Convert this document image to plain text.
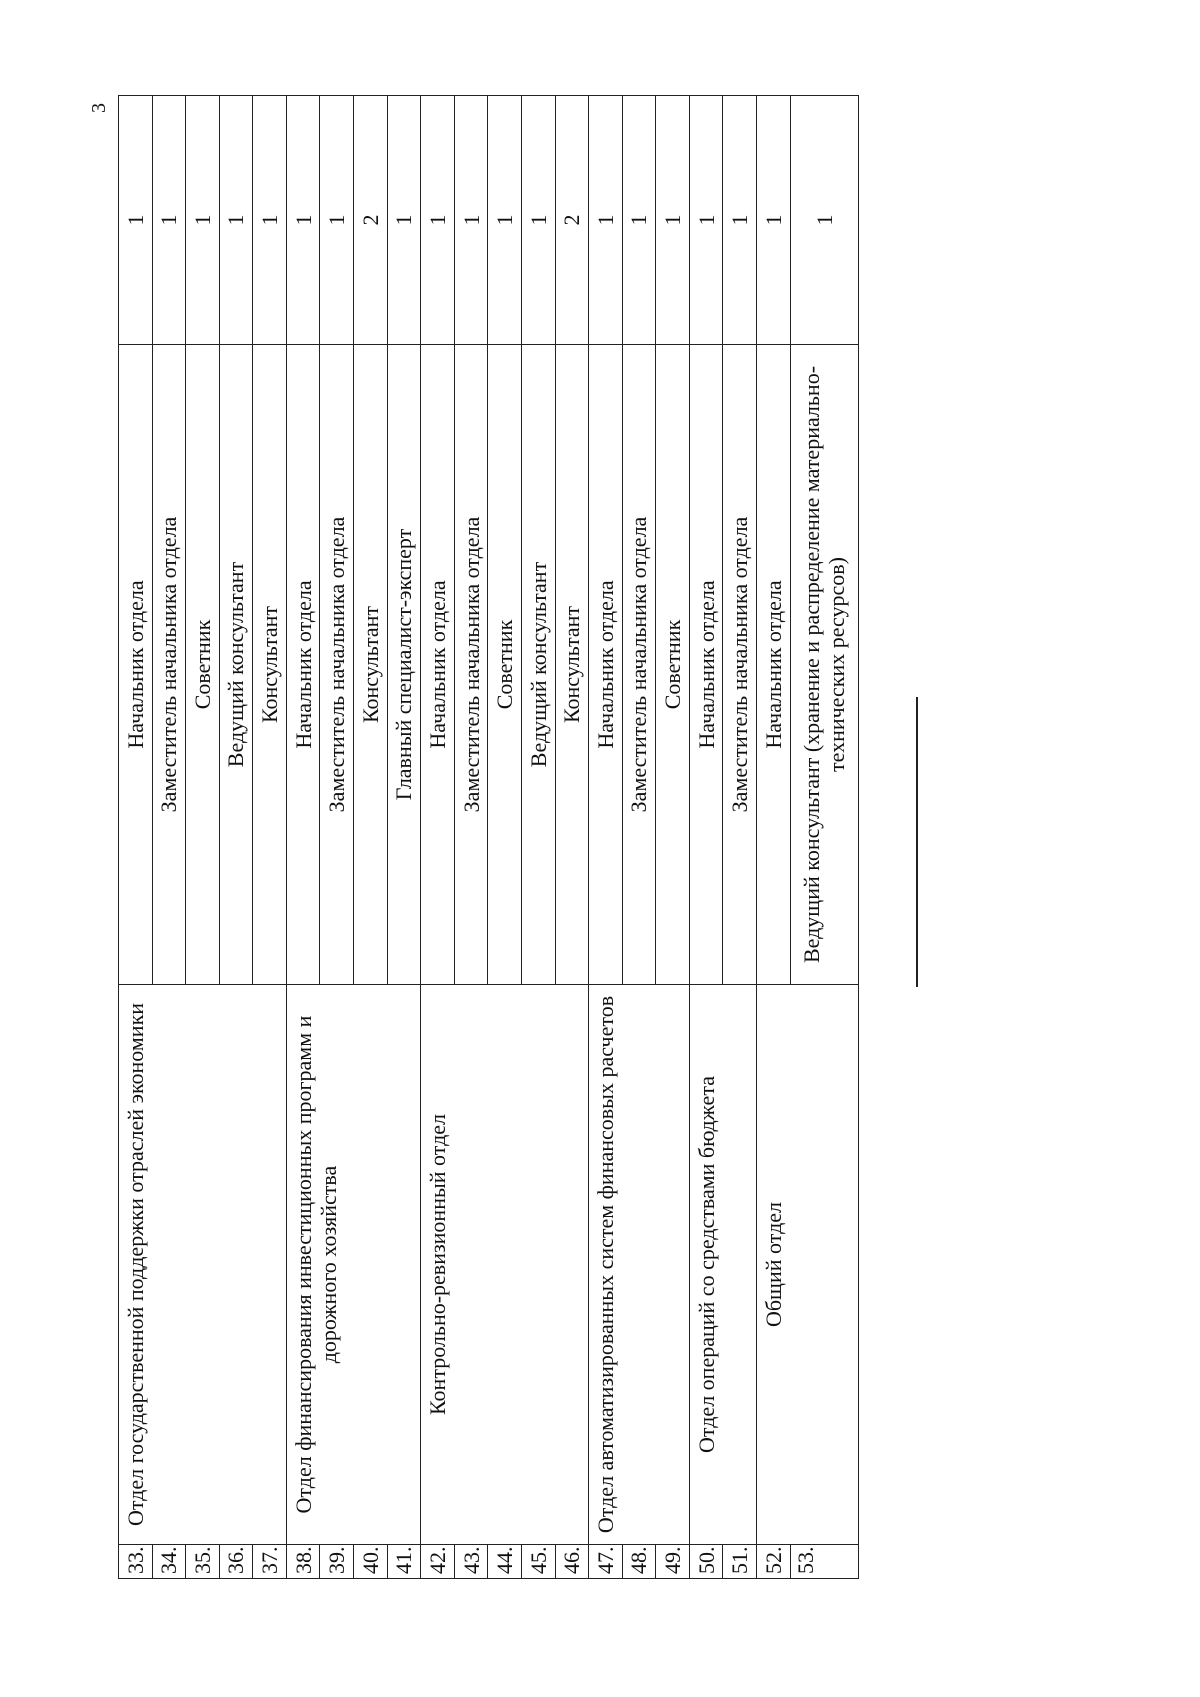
3
33.	Отдел государственной поддержки отраслей экономики	Начальник отдела	1
34.		Заместитель начальника отдела	1
35.		Советник	1
36.		Ведущий консультант	1
37.		Консультант	1
38.	Отдел финансирования инвестиционных программ и дорожного хозяйства	Начальник отдела	1
39.		Заместитель начальника отдела	1
40.		Консультант	2
41.		Главный специалист-эксперт	1
42.	Контрольно-ревизионный отдел	Начальник отдела	1
43.		Заместитель начальника отдела	1
44.		Советник	1
45.		Ведущий консультант	1
46.		Консультант	2
47.	Отдел автоматизированных систем финансовых расчетов	Начальник отдела	1
48.		Заместитель начальника отдела	1
49.		Советник	1
50.	Отдел операций со средствами бюджета	Начальник отдела	1
51.		Заместитель начальника отдела	1
52.	Общий отдел	Начальник отдела	1
53.		Ведущий консультант (хранение и распределение материально-технических ресурсов)	1
